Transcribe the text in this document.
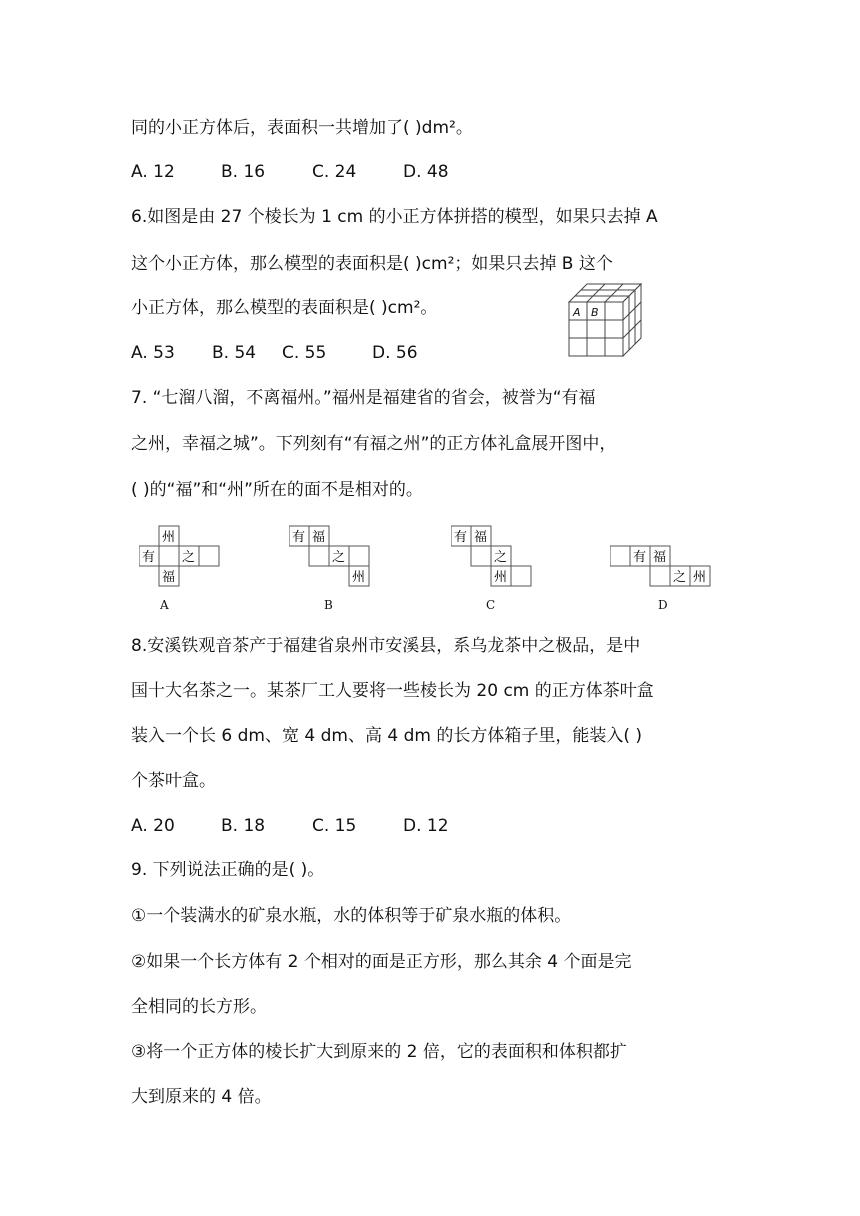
同的小正方体后，表面积一共增加了( )dm²。
A. 12	B. 16	C. 24	D. 48
6.如图是由 27 个棱长为 1 cm 的小正方体拼搭的模型，如果只去掉 A
这个小正方体，那么模型的表面积是( )cm²；如果只去掉 B 这个
小正方体，那么模型的表面积是( )cm²。	A B
A. 53 B. 54 C. 55	D. 56
7. “七溜八溜，不离福州。”福州是福建省的省会，被誉为“有福
之州，幸福之城”。下列刻有“有福之州”的正方体礼盒展开图中，
( )的“福”和“州”所在的面不是相对的。
州
有 之
福
A
有 福
之
州
B
有 福
之
州
C
有 福
之 州
D
8.安溪铁观音茶产于福建省泉州市安溪县，系乌龙茶中之极品，是中
国十大名茶之一。某茶厂工人要将一些棱长为 20 cm 的正方体茶叶盒
装入一个长 6 dm、宽 4 dm、高 4 dm 的长方体箱子里，能装入( )
个茶叶盒。
A. 20	B. 18	C. 15	D. 12
9. 下列说法正确的是( )。
①一个装满水的矿泉水瓶，水的体积等于矿泉水瓶的体积。
②如果一个长方体有 2 个相对的面是正方形，那么其余 4 个面是完
全相同的长方形。
③将一个正方体的棱长扩大到原来的 2 倍，它的表面积和体积都扩
大到原来的 4 倍。
